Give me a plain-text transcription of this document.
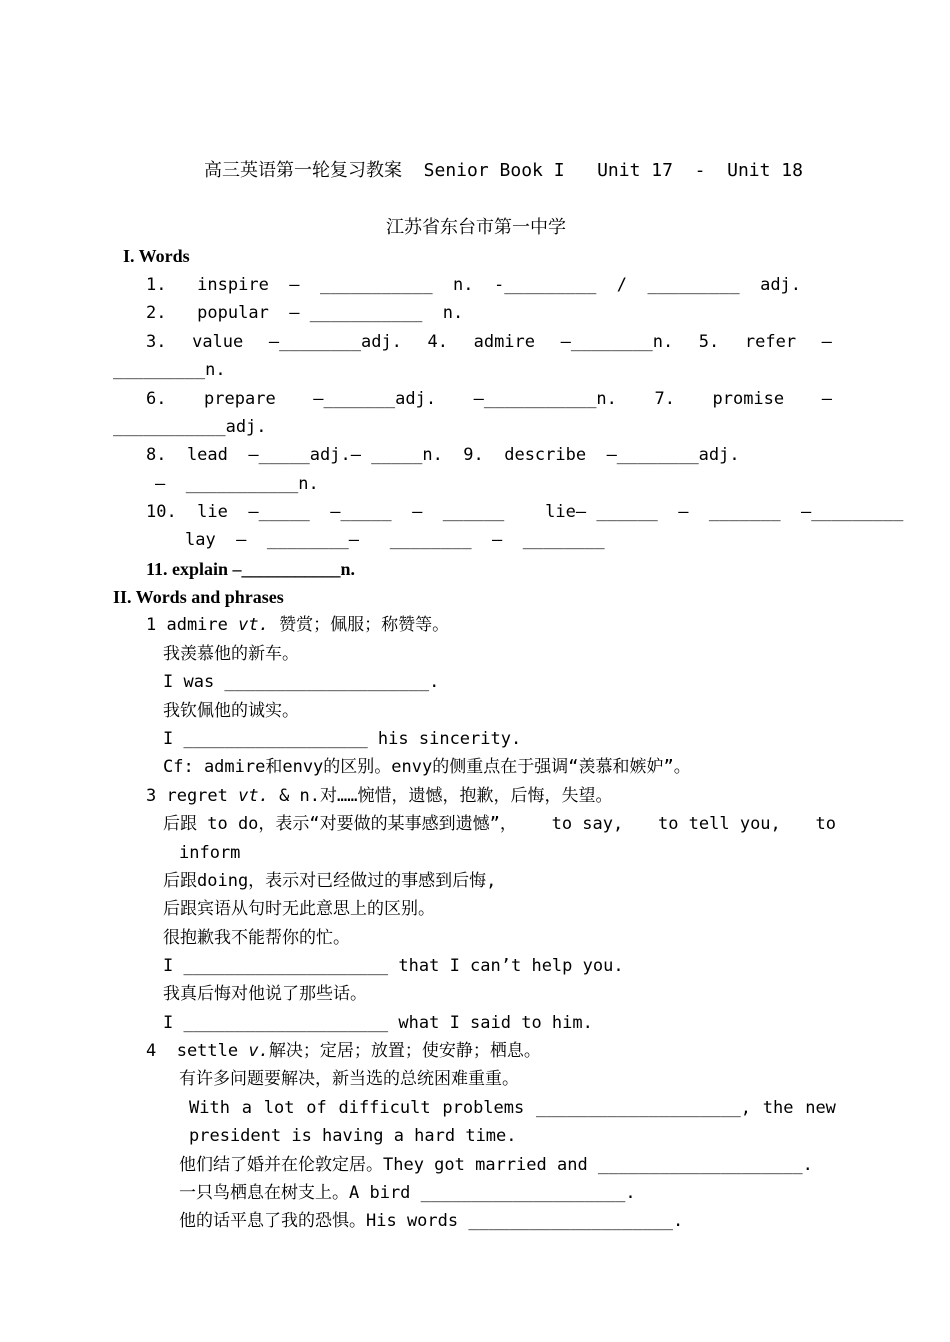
高三英语第一轮复习教案  Senior Book I   Unit 17  -  Unit 18
江苏省东台市第一中学
I. Words
1.   inspire  –  ___________  n.  -_________  /  _________  adj.
2.   popular  – ___________  n.
3. value –________adj. 4. admire –________n. 5. refer –
_________n.
6. prepare –_______adj. –___________n. 7. promise –
___________adj.
8.  lead  –_____adj.– _____n.  9.  describe  –________adj.
–  ___________n.
10.  lie  –_____  –_____  –  ______    lie– ______  –  _______  –_________
lay  –  ________–   ________  –  ________
11. explain –___________n.
II. Words and phrases
1 admire vt. 赞赏；佩服；称赞等。
我羡慕他的新车。
I was ____________________.
我钦佩他的诚实。
I __________________ his sincerity.
Cf: admire和envy的区别。envy的侧重点在于强调“羡慕和嫉妒”。
3 regret vt. & n.对……惋惜，遗憾，抱歉，后悔，失望。
后跟 to do，表示“对要做的某事感到遗憾”， to say, to tell you, to
inform
后跟doing，表示对已经做过的事感到后悔,
后跟宾语从句时无此意思上的区别。
很抱歉我不能帮你的忙。
I ____________________ that I can’t help you.
我真后悔对他说了那些话。
I ____________________ what I said to him.
4  settle v.解决；定居；放置；使安静；栖息。
有许多问题要解决，新当选的总统困难重重。
With a lot of difficult problems ____________________, the new
president is having a hard time.
他们结了婚并在伦敦定居。They got married and ____________________.
一只鸟栖息在树支上。A bird ____________________.
他的话平息了我的恐惧。His words ____________________.
